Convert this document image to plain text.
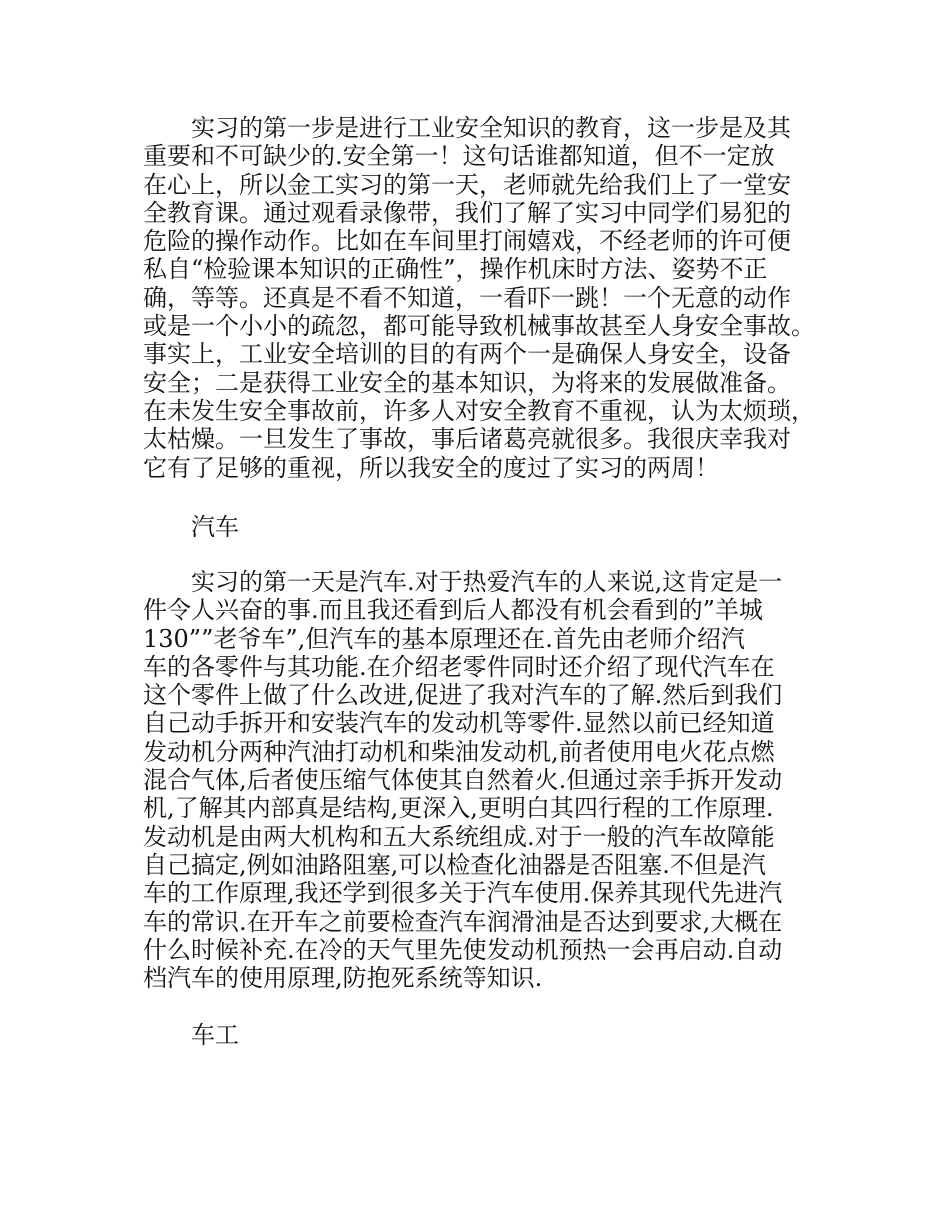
实习的第一步是进行工业安全知识的教育，这一步是及其
重要和不可缺少的.安全第一！这句话谁都知道，但不一定放
在心上，所以金工实习的第一天，老师就先给我们上了一堂安
全教育课。通过观看录像带，我们了解了实习中同学们易犯的
危险的操作动作。比如在车间里打闹嬉戏，不经老师的许可便
私自“检验课本知识的正确性”，操作机床时方法、姿势不正
确，等等。还真是不看不知道，一看吓一跳！一个无意的动作
或是一个小小的疏忽，都可能导致机械事故甚至人身安全事故。
事实上，工业安全培训的目的有两个一是确保人身安全，设备
安全；二是获得工业安全的基本知识，为将来的发展做准备。
在未发生安全事故前，许多人对安全教育不重视，认为太烦琐，
太枯燥。一旦发生了事故，事后诸葛亮就很多。我很庆幸我对
它有了足够的重视，所以我安全的度过了实习的两周！
汽车
实习的第一天是汽车.对于热爱汽车的人来说,这肯定是一
件令人兴奋的事.而且我还看到后人都没有机会看到的”羊城
130””老爷车”,但汽车的基本原理还在.首先由老师介绍汽
车的各零件与其功能.在介绍老零件同时还介绍了现代汽车在
这个零件上做了什么改进,促进了我对汽车的了解.然后到我们
自己动手拆开和安装汽车的发动机等零件.显然以前已经知道
发动机分两种汽油打动机和柴油发动机,前者使用电火花点燃
混合气体,后者使压缩气体使其自然着火.但通过亲手拆开发动
机,了解其内部真是结构,更深入,更明白其四行程的工作原理.
发动机是由两大机构和五大系统组成.对于一般的汽车故障能
自己搞定,例如油路阻塞,可以检查化油器是否阻塞.不但是汽
车的工作原理,我还学到很多关于汽车使用.保养其现代先进汽
车的常识.在开车之前要检查汽车润滑油是否达到要求,大概在
什么时候补充.在冷的天气里先使发动机预热一会再启动.自动
档汽车的使用原理,防抱死系统等知识.
车工
